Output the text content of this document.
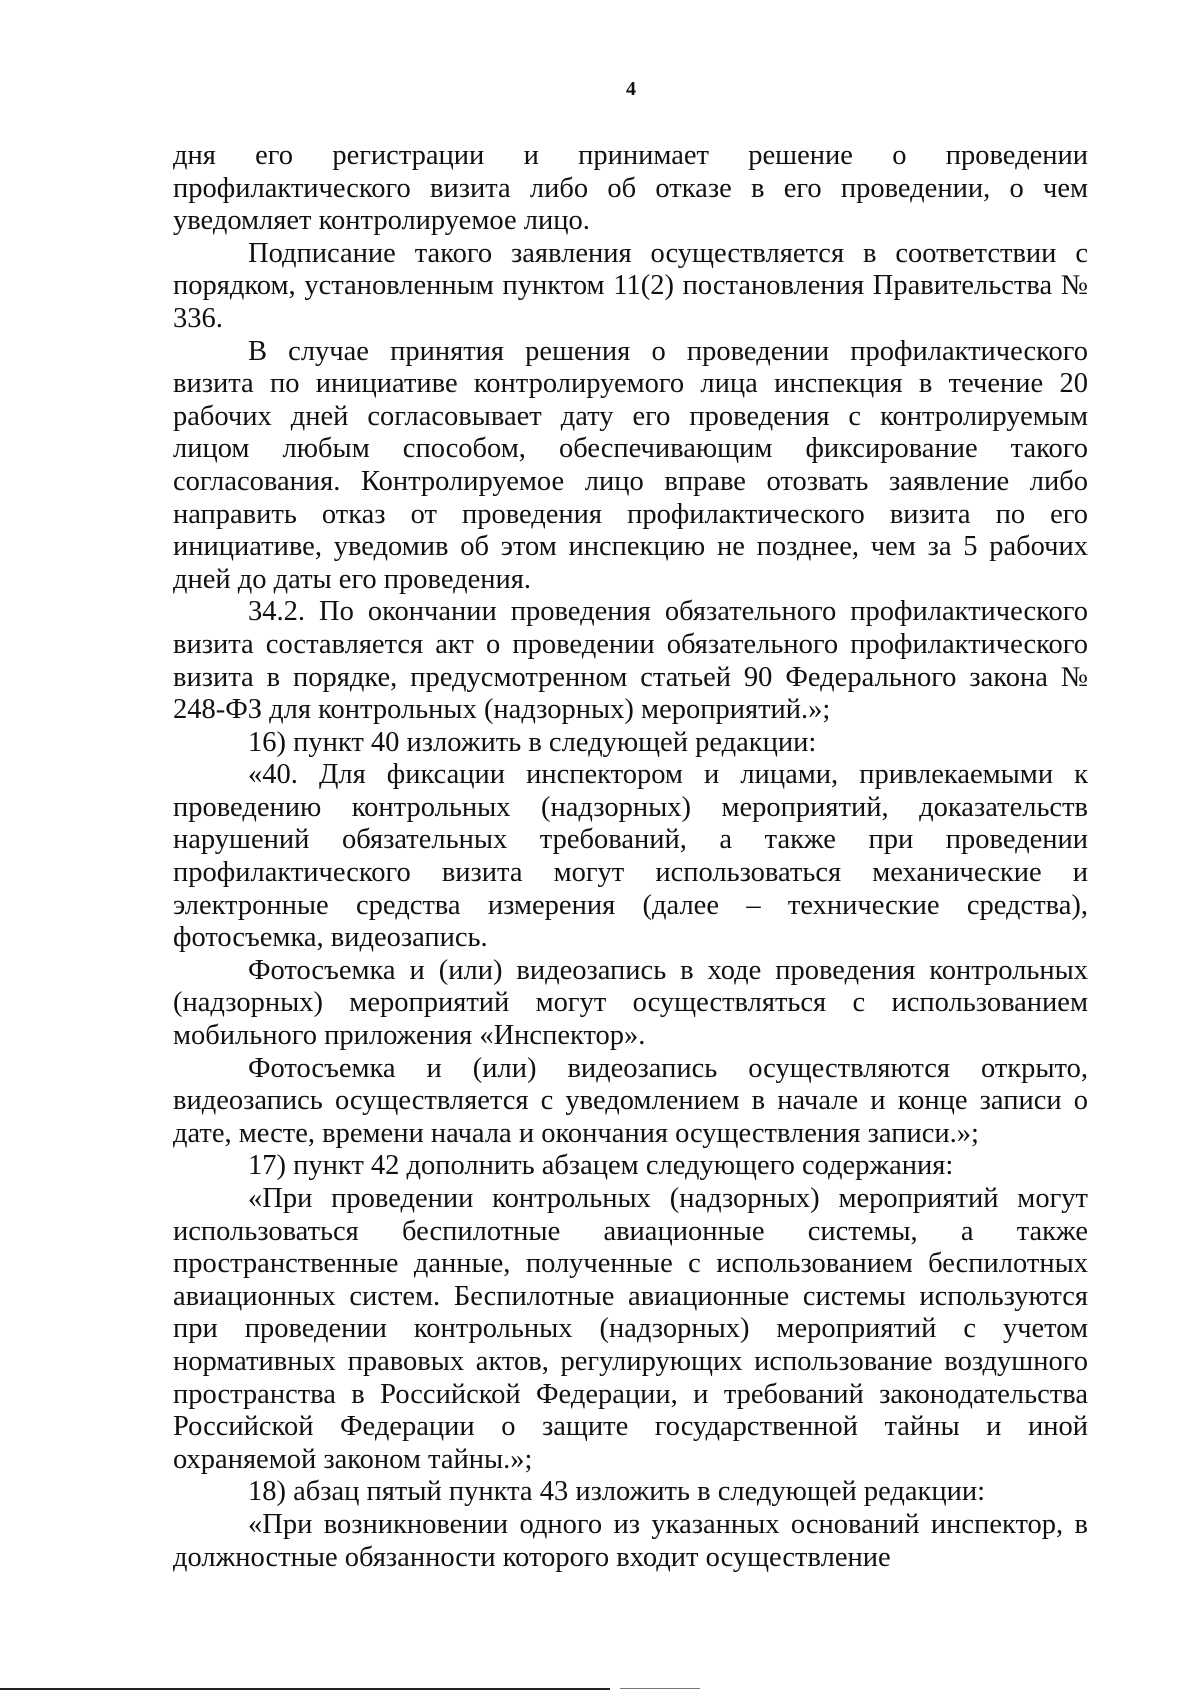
4

дня его регистрации и принимает решение о проведении профилактического визита либо об отказе в его проведении, о чем уведомляет контролируемое лицо.

Подписание такого заявления осуществляется в соответствии с порядком, установленным пунктом 11(2) постановления Правительства № 336.

В случае принятия решения о проведении профилактического визита по инициативе контролируемого лица инспекция в течение 20 рабочих дней согласовывает дату его проведения с контролируемым лицом любым способом, обеспечивающим фиксирование такого согласования. Контролируемое лицо вправе отозвать заявление либо направить отказ от проведения профилактического визита по его инициативе, уведомив об этом инспекцию не позднее, чем за 5 рабочих дней до даты его проведения.

34.2. По окончании проведения обязательного профилактического визита составляется акт о проведении обязательного профилактического визита в порядке, предусмотренном статьей 90 Федерального закона № 248-ФЗ для контрольных (надзорных) мероприятий.»;

16) пункт 40 изложить в следующей редакции:

«40. Для фиксации инспектором и лицами, привлекаемыми к проведению контрольных (надзорных) мероприятий, доказательств нарушений обязательных требований, а также при проведении профилактического визита могут использоваться механические и электронные средства измерения (далее – технические средства), фотосъемка, видеозапись.

Фотосъемка и (или) видеозапись в ходе проведения контрольных (надзорных) мероприятий могут осуществляться с использованием мобильного приложения «Инспектор».

Фотосъемка и (или) видеозапись осуществляются открыто, видеозапись осуществляется с уведомлением в начале и конце записи о дате, месте, времени начала и окончания осуществления записи.»;

17) пункт 42 дополнить абзацем следующего содержания:

«При проведении контрольных (надзорных) мероприятий могут использоваться беспилотные авиационные системы, а также пространственные данные, полученные с использованием беспилотных авиационных систем. Беспилотные авиационные системы используются при проведении контрольных (надзорных) мероприятий с учетом нормативных правовых актов, регулирующих использование воздушного пространства в Российской Федерации, и требований законодательства Российской Федерации о защите государственной тайны и иной охраняемой законом тайны.»;

18) абзац пятый пункта 43 изложить в следующей редакции:

«При возникновении одного из указанных оснований инспектор, в должностные обязанности которого входит осуществление
